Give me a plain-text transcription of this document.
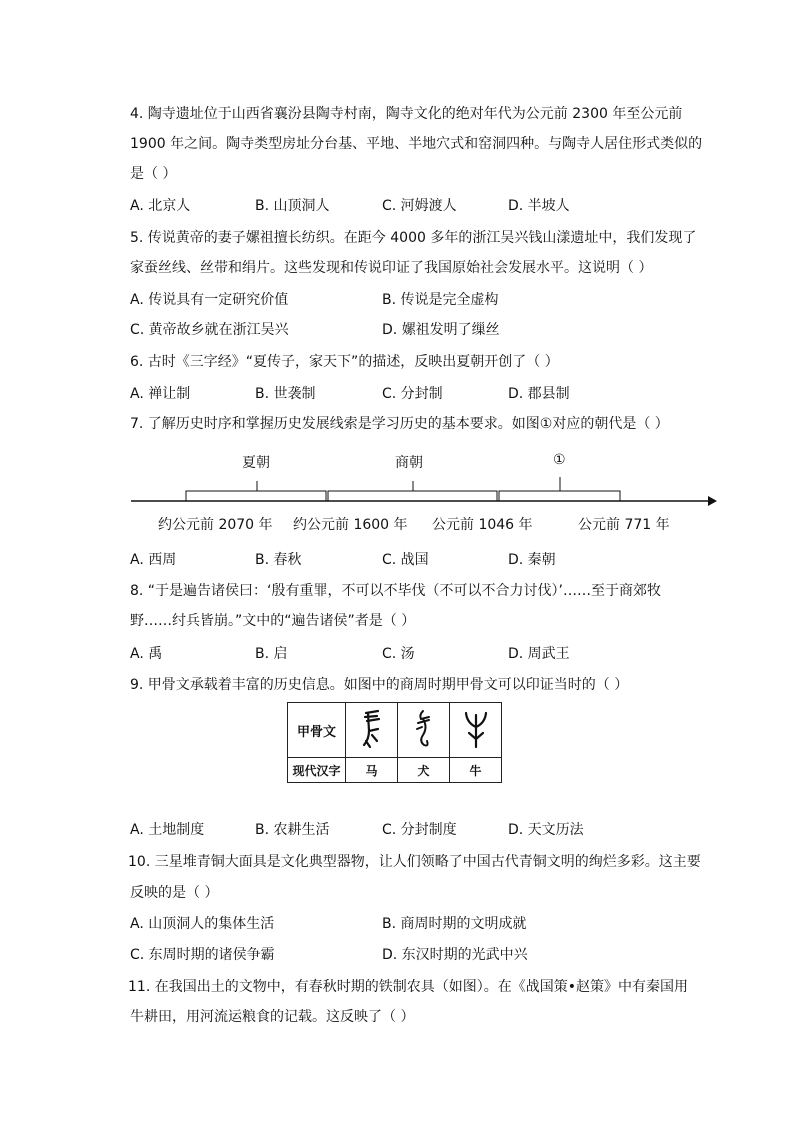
4. 陶寺遗址位于山西省襄汾县陶寺村南，陶寺文化的绝对年代为公元前 2300 年至公元前
1900 年之间。陶寺类型房址分台基、平地、半地穴式和窑洞四种。与陶寺人居住形式类似的
是（ ）
A. 北京人	B. 山顶洞人	C. 河姆渡人	D. 半坡人
5. 传说黄帝的妻子嫘祖擅长纺织。在距今 4000 多年的浙江吴兴钱山漾遗址中，我们发现了
家蚕丝线、丝带和绢片。这些发现和传说印证了我国原始社会发展水平。这说明（ ）
A. 传说具有一定研究价值	B. 传说是完全虚构
C. 黄帝故乡就在浙江吴兴	D. 嫘祖发明了缫丝
6. 古时《三字经》“夏传子，家天下”的描述，反映出夏朝开创了（ ）
A. 禅让制	B. 世袭制	C. 分封制	D. 郡县制
7. 了解历史时序和掌握历史发展线索是学习历史的基本要求。如图①对应的朝代是（ ）
夏朝	商朝	①
约公元前 2070 年 约公元前 1600 年 公元前 1046 年	公元前 771 年
A. 西周	B. 春秋	C. 战国	D. 秦朝
8. “于是遍告诸侯曰：‘殷有重罪，不可以不毕伐（不可以不合力讨伐）’……至于商郊牧
野……纣兵皆崩。”文中的“遍告诸侯”者是（ ）
A. 禹	B. 启	C. 汤	D. 周武王
9. 甲骨文承载着丰富的历史信息。如图中的商周时期甲骨文可以印证当时的（ ）
甲骨文			
现代汉字	马	犬	牛
A. 土地制度	B. 农耕生活	C. 分封制度	D. 天文历法
10. 三星堆青铜大面具是文化典型器物，让人们领略了中国古代青铜文明的绚烂多彩。这主要
反映的是（ ）
A. 山顶洞人的集体生活	B. 商周时期的文明成就
C. 东周时期的诸侯争霸	D. 东汉时期的光武中兴
11. 在我国出土的文物中，有春秋时期的铁制农具（如图）。在《战国策•赵策》中有秦国用
牛耕田，用河流运粮食的记载。这反映了（ ）
